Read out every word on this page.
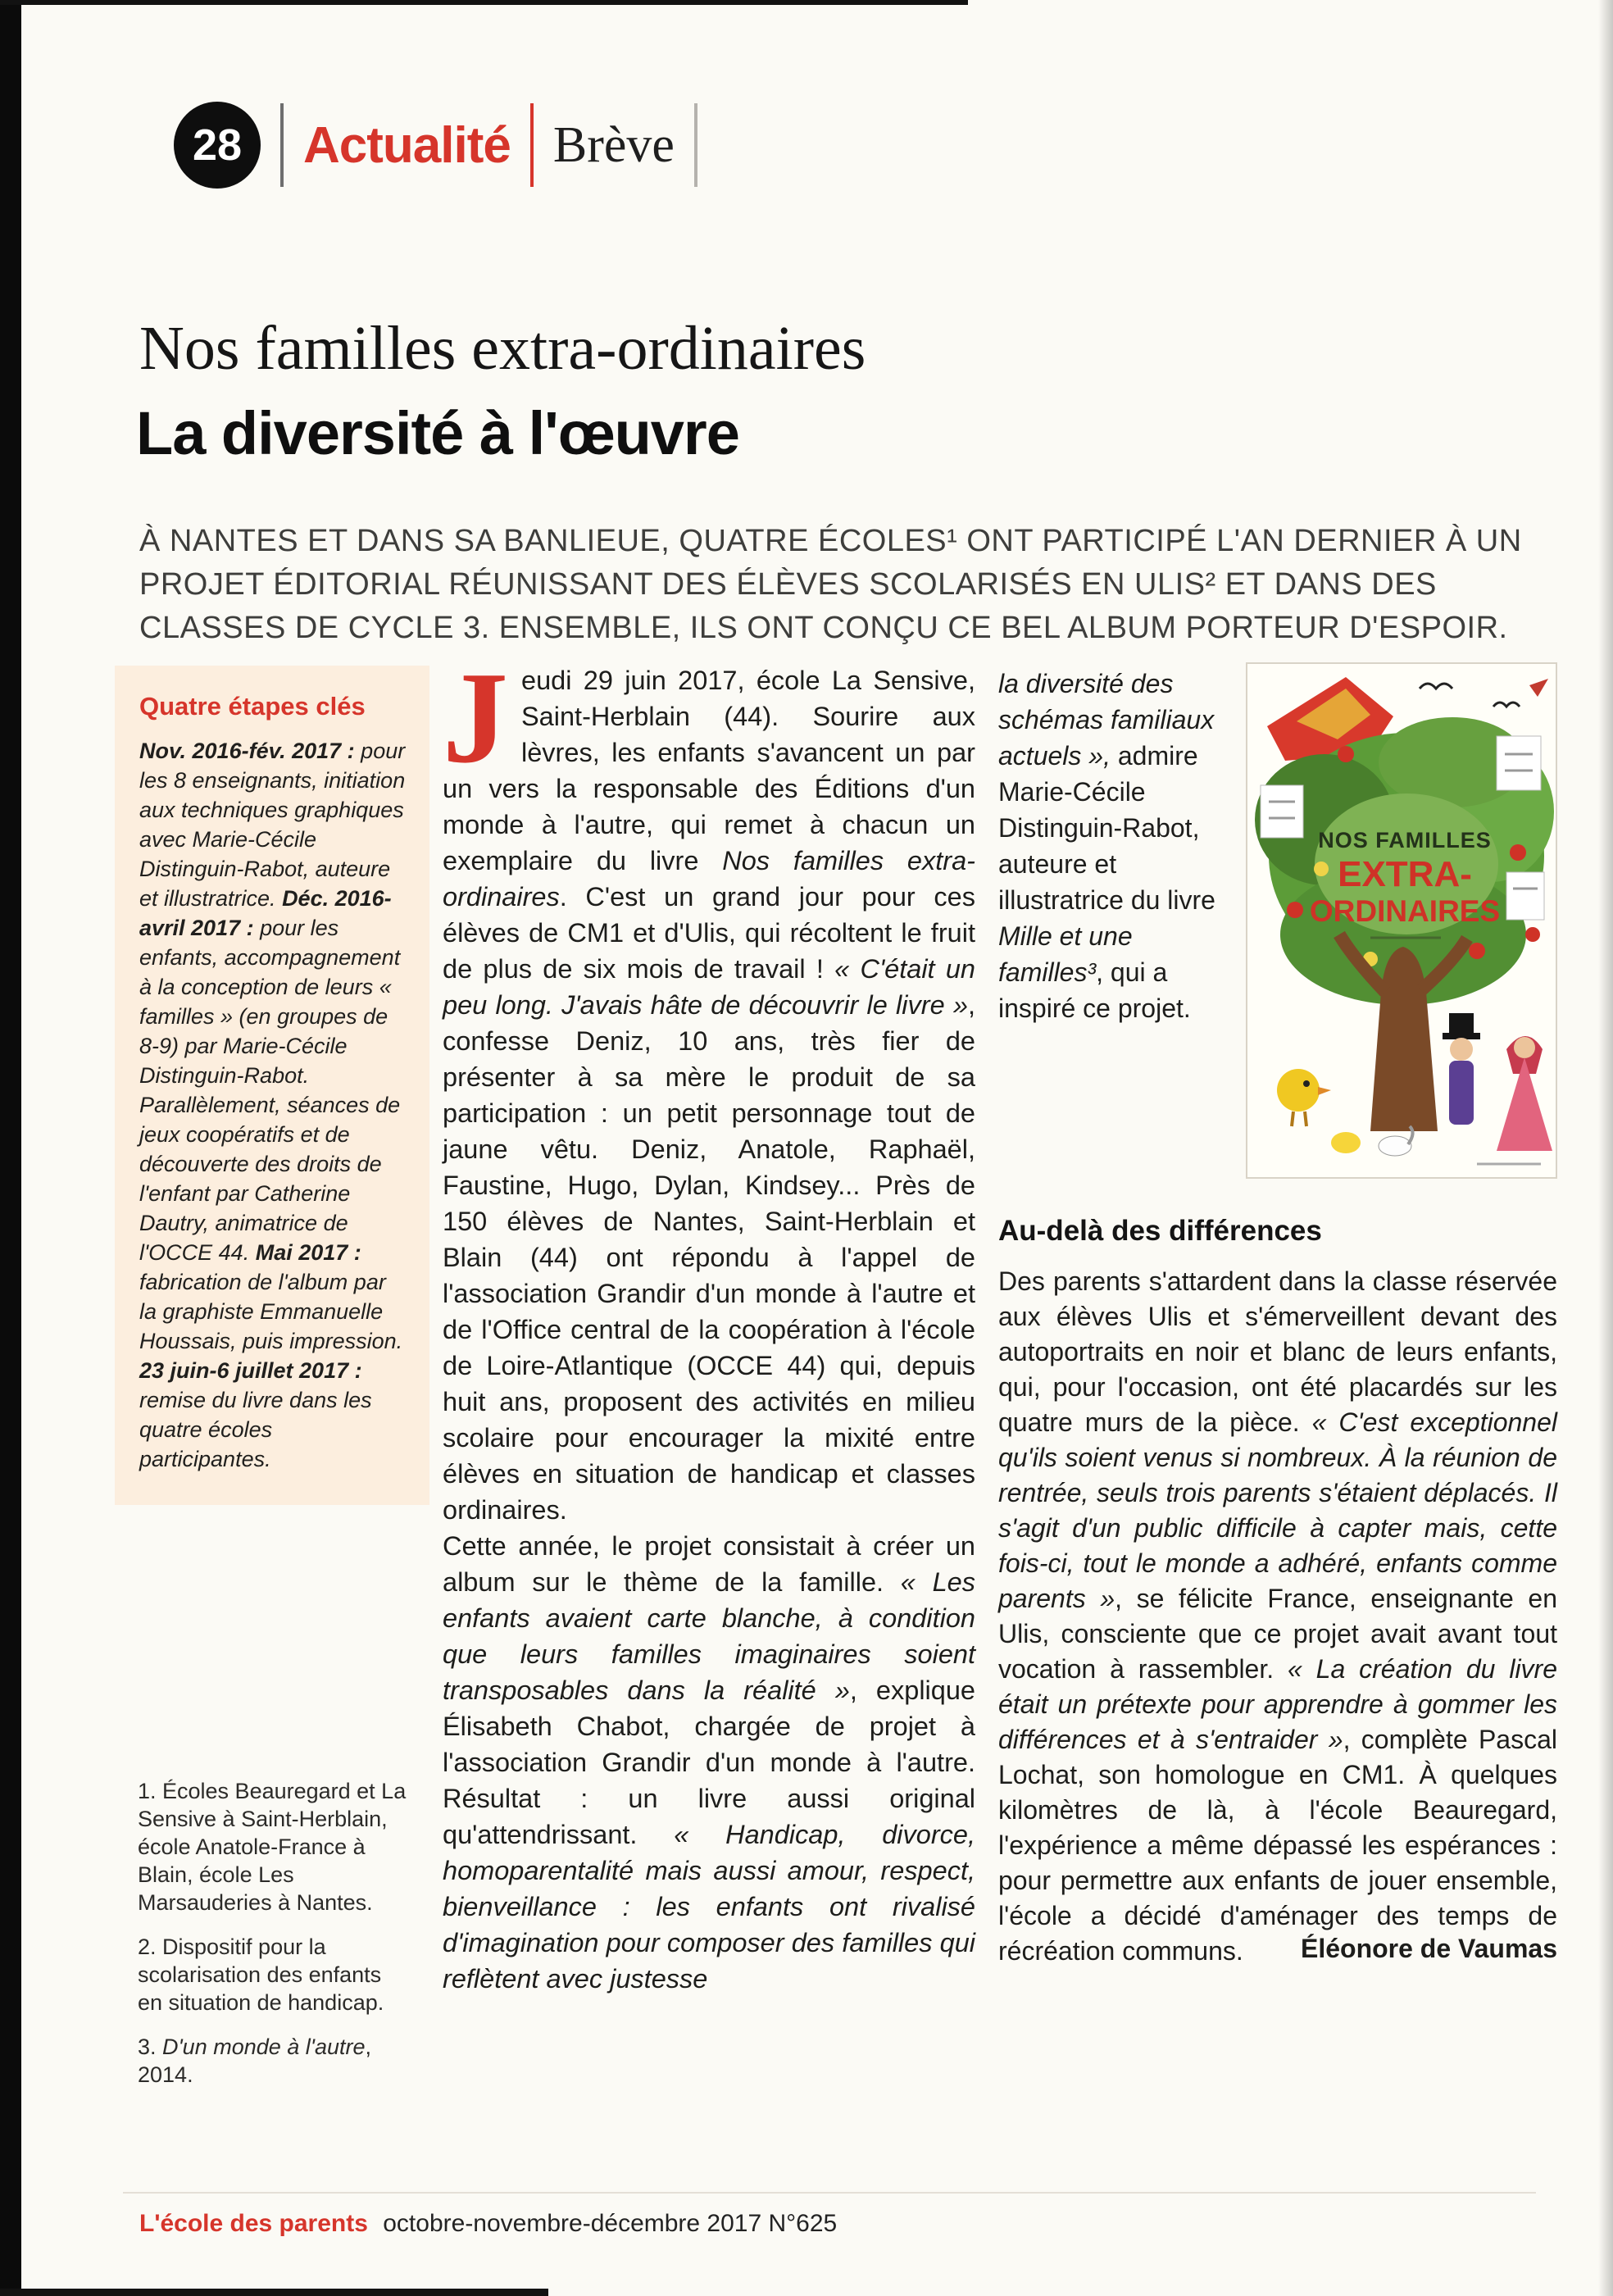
28 Actualité Brève
Nos familles extra-ordinaires
La diversité à l'œuvre

À NANTES ET DANS SA BANLIEUE, QUATRE ÉCOLES¹ ONT PARTICIPÉ L'AN DERNIER À UN PROJET ÉDITORIAL RÉUNISSANT DES ÉLÈVES SCOLARISÉS EN ULIS² ET DANS DES CLASSES DE CYCLE 3. ENSEMBLE, ILS ONT CONÇU CE BEL ALBUM PORTEUR D'ESPOIR.

Quatre étapes clés

Nov. 2016-fév. 2017 : pour les 8 enseignants, initiation aux techniques graphiques avec Marie-Cécile Distinguin-Rabot, auteure et illustratrice. Déc. 2016-avril 2017 : pour les enfants, accompagnement à la conception de leurs « familles » (en groupes de 8-9) par Marie-Cécile Distinguin-Rabot. Parallèlement, séances de jeux coopératifs et de découverte des droits de l'enfant par Catherine Dautry, animatrice de l'OCCE 44. Mai 2017 : fabrication de l'album par la graphiste Emmanuelle Houssais, puis impression. 23 juin-6 juillet 2017 : remise du livre dans les quatre écoles participantes.

1. Écoles Beauregard et La Sensive à Saint-Herblain, école Anatole-France à Blain, école Les Marsauderies à Nantes.

2. Dispositif pour la scolarisation des enfants en situation de handicap.

3. D'un monde à l'autre, 2014.

Jeudi 29 juin 2017, école La Sensive, Saint-Herblain (44). Sourire aux lèvres, les enfants s'avancent un par un vers la responsable des Éditions d'un monde à l'autre, qui remet à chacun un exemplaire du livre Nos familles extra-ordinaires. C'est un grand jour pour ces élèves de CM1 et d'Ulis, qui récoltent le fruit de plus de six mois de travail ! « C'était un peu long. J'avais hâte de découvrir le livre », confesse Deniz, 10 ans, très fier de présenter à sa mère le produit de sa participation : un petit personnage tout de jaune vêtu. Deniz, Anatole, Raphaël, Faustine, Hugo, Dylan, Kindsey... Près de 150 élèves de Nantes, Saint-Herblain et Blain (44) ont répondu à l'appel de l'association Grandir d'un monde à l'autre et de l'Office central de la coopération à l'école de Loire-Atlantique (OCCE 44) qui, depuis huit ans, proposent des activités en milieu scolaire pour encourager la mixité entre élèves en situation de handicap et classes ordinaires.

Cette année, le projet consistait à créer un album sur le thème de la famille. « Les enfants avaient carte blanche, à condition que leurs familles imaginaires soient transposables dans la réalité », explique Élisabeth Chabot, chargée de projet à l'association Grandir d'un monde à l'autre. Résultat : un livre aussi original qu'attendrissant. « Handicap, divorce, homoparentalité mais aussi amour, respect, bienveillance : les enfants ont rivalisé d'imagination pour composer des familles qui reflètent avec justesse

la diversité des schémas familiaux actuels », admire Marie-Cécile Distinguin-Rabot, auteure et illustratrice du livre Mille et une familles³, qui a inspiré ce projet.

NOS FAMILLES
EXTRA-
ORDINAIRES
Au-delà des différences

Des parents s'attardent dans la classe réservée aux élèves Ulis et s'émerveillent devant des autoportraits en noir et blanc de leurs enfants, qui, pour l'occasion, ont été placardés sur les quatre murs de la pièce. « C'est exceptionnel qu'ils soient venus si nombreux. À la réunion de rentrée, seuls trois parents s'étaient déplacés. Il s'agit d'un public difficile à capter mais, cette fois-ci, tout le monde a adhéré, enfants comme parents », se félicite France, enseignante en Ulis, consciente que ce projet avait avant tout vocation à rassembler. « La création du livre était un prétexte pour apprendre à gommer les différences et à s'entraider », complète Pascal Lochat, son homologue en CM1. À quelques kilomètres de là, à l'école Beauregard, l'expérience a même dépassé les espérances : pour permettre aux enfants de jouer ensemble, l'école a décidé d'aménager des temps de récréation communs.	Éléonore de Vaumas
L'école des parents octobre-novembre-décembre 2017 N°625
